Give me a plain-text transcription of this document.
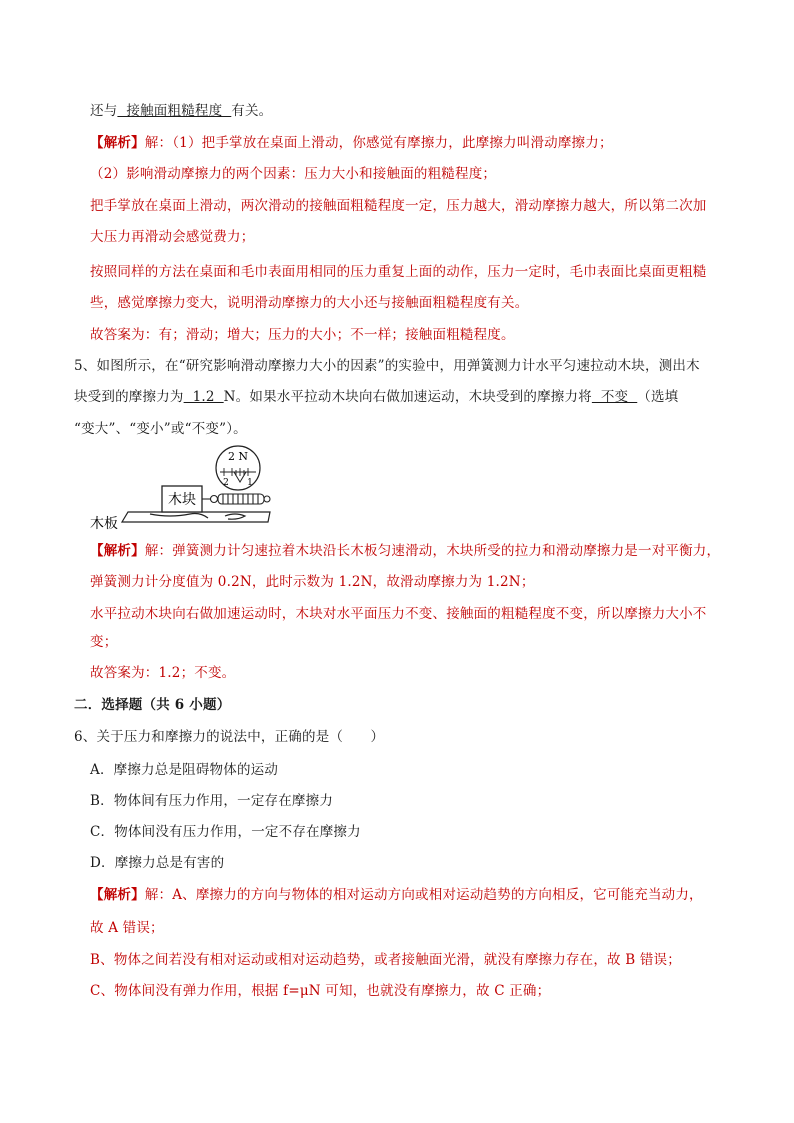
还与  接触面粗糙程度  有关。
【解析】解：（1）把手掌放在桌面上滑动，你感觉有摩擦力，此摩擦力叫滑动摩擦力；
（2）影响滑动摩擦力的两个因素：压力大小和接触面的粗糙程度；
把手掌放在桌面上滑动，两次滑动的接触面粗糙程度一定，压力越大，滑动摩擦力越大，所以第二次加
大压力再滑动会感觉费力；
按照同样的方法在桌面和毛巾表面用相同的压力重复上面的动作，压力一定时，毛巾表面比桌面更粗糙
些，感觉摩擦力变大，说明滑动摩擦力的大小还与接触面粗糙程度有关。
故答案为：有；滑动；增大；压力的大小；不一样；接触面粗糙程度。
5、如图所示，在“研究影响滑动摩擦力大小的因素”的实验中，用弹簧测力计水平匀速拉动木块，测出木
块受到的摩擦力为  1.2  N。如果水平拉动木块向右做加速运动，木块受到的摩擦力将  不变  （选填
“变大”、“变小”或“不变”）。
木块
2 N
2 1
木板
【解析】解：弹簧测力计匀速拉着木块沿长木板匀速滑动，木块所受的拉力和滑动摩擦力是一对平衡力，
弹簧测力计分度值为 0.2N，此时示数为 1.2N，故滑动摩擦力为 1.2N；
水平拉动木块向右做加速运动时，木块对水平面压力不变、接触面的粗糙程度不变，所以摩擦力大小不
变；
故答案为：1.2；不变。
二．选择题（共 6 小题）
6、关于压力和摩擦力的说法中，正确的是（　　）
A．摩擦力总是阻碍物体的运动
B．物体间有压力作用，一定存在摩擦力
C．物体间没有压力作用，一定不存在摩擦力
D．摩擦力总是有害的
【解析】解：A、摩擦力的方向与物体的相对运动方向或相对运动趋势的方向相反，它可能充当动力，
故 A 错误；
B、物体之间若没有相对运动或相对运动趋势，或者接触面光滑，就没有摩擦力存在，故 B 错误；
C、物体间没有弹力作用，根据 f=μN 可知，也就没有摩擦力，故 C 正确；
